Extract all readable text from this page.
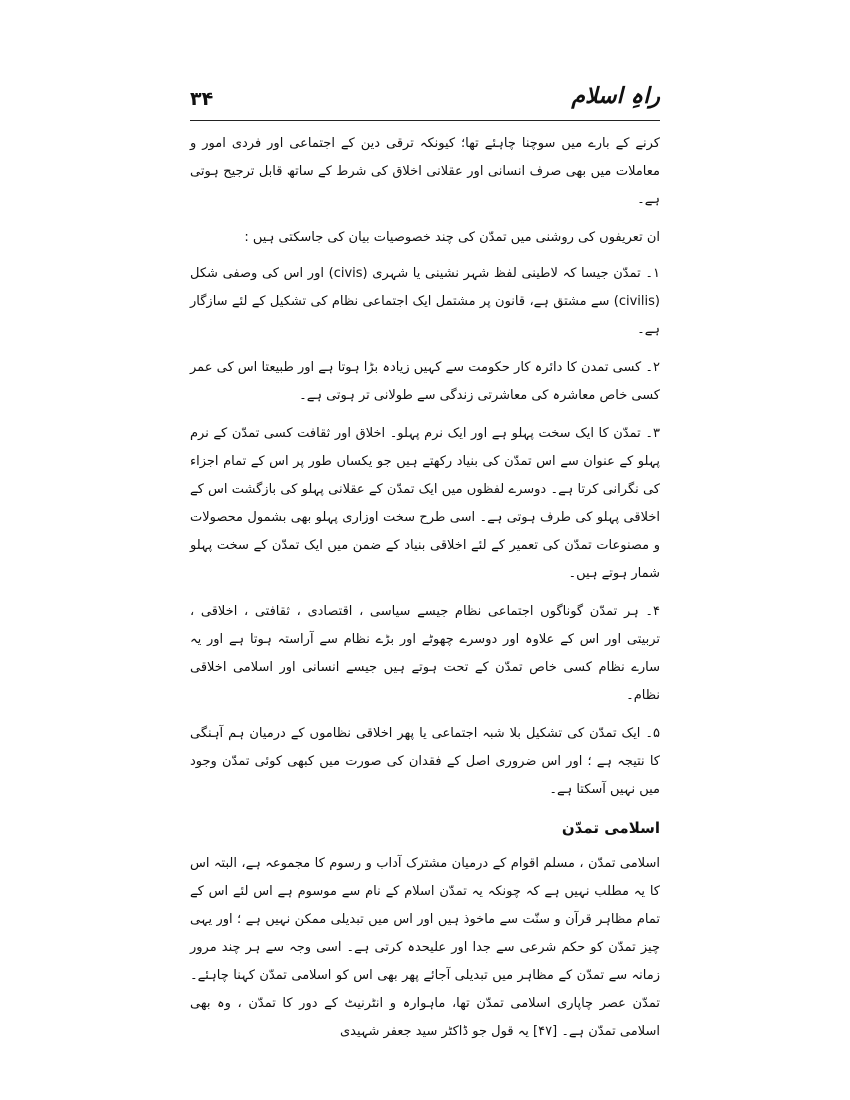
۳۴	راہِ اسلام

کرنے کے بارے میں سوچنا چاہئے تھا؛ کیونکہ ترقی دین کے اجتماعی اور فردی امور و معاملات میں بھی صرف انسانی اور عقلانی اخلاق کی شرط کے ساتھ قابل ترجیح ہوتی ہے۔

ان تعریفوں کی روشنی میں تمدّن کی چند خصوصیات بیان کی جاسکتی ہیں :

۱۔ تمدّن جیسا کہ لاطینی لفظ شہر نشینی یا شہری (civis) اور اس کی وصفی شکل (civilis) سے مشتق ہے، قانون پر مشتمل ایک اجتماعی نظام کی تشکیل کے لئے سازگار ہے۔

۲۔ کسی تمدن کا دائرہ کار حکومت سے کہیں زیادہ بڑا ہوتا ہے اور طبیعتا اس کی عمر کسی خاص معاشرہ کی معاشرتی زندگی سے طولانی تر ہوتی ہے۔

۳۔ تمدّن کا ایک سخت پہلو ہے اور ایک نرم پہلو۔ اخلاق اور ثقافت کسی تمدّن کے نرم پہلو کے عنوان سے اس تمدّن کی بنیاد رکھتے ہیں جو یکساں طور پر اس کے تمام اجزاء کی نگرانی کرتا ہے۔ دوسرے لفظوں میں ایک تمدّن کے عقلانی پہلو کی بازگشت اس کے اخلاقی پہلو کی طرف ہوتی ہے۔ اسی طرح سخت اوزاری پہلو بھی بشمول محصولات و مصنوعات تمدّن کی تعمیر کے لئے اخلاقی بنیاد کے ضمن میں ایک تمدّن کے سخت پہلو شمار ہوتے ہیں۔

۴۔ ہر تمدّن گوناگوں اجتماعی نظام جیسے سیاسی ، اقتصادی ، ثقافتی ، اخلاقی ، تربیتی اور اس کے علاوہ اور دوسرے چھوٹے اور بڑے نظام سے آراستہ ہوتا ہے اور یہ سارے نظام کسی خاص تمدّن کے تحت ہوتے ہیں جیسے انسانی اور اسلامی اخلاقی نظام۔

۵۔ ایک تمدّن کی تشکیل بلا شبہ اجتماعی یا پھر اخلاقی نظاموں کے درمیان ہم آہنگی کا نتیجہ ہے ؛ اور اس ضروری اصل کے فقدان کی صورت میں کبھی کوئی تمدّن وجود میں نہیں آسکتا ہے۔

اسلامی تمدّن

اسلامی تمدّن ، مسلم اقوام کے درمیان مشترک آداب و رسوم کا مجموعہ ہے، البتہ اس کا یہ مطلب نہیں ہے کہ چونکہ یہ تمدّن اسلام کے نام سے موسوم ہے اس لئے اس کے تمام مظاہر قرآن و سنّت سے ماخوذ ہیں اور اس میں تبدیلی ممکن نہیں ہے ؛ اور یہی چیز تمدّن کو حکم شرعی سے جدا اور علیحدہ کرتی ہے۔ اسی وجہ سے ہر چند مرور زمانہ سے تمدّن کے مظاہر میں تبدیلی آجائے پھر بھی اس کو اسلامی تمدّن کہنا چاہئے۔ تمدّن عصر چاپاری اسلامی تمدّن تھا، ماہوارہ و انٹرنیٹ کے دور کا تمدّن ، وہ بھی اسلامی تمدّن ہے۔ [۴۷] یہ قول جو ڈاکٹر سید جعفر شہیدی
